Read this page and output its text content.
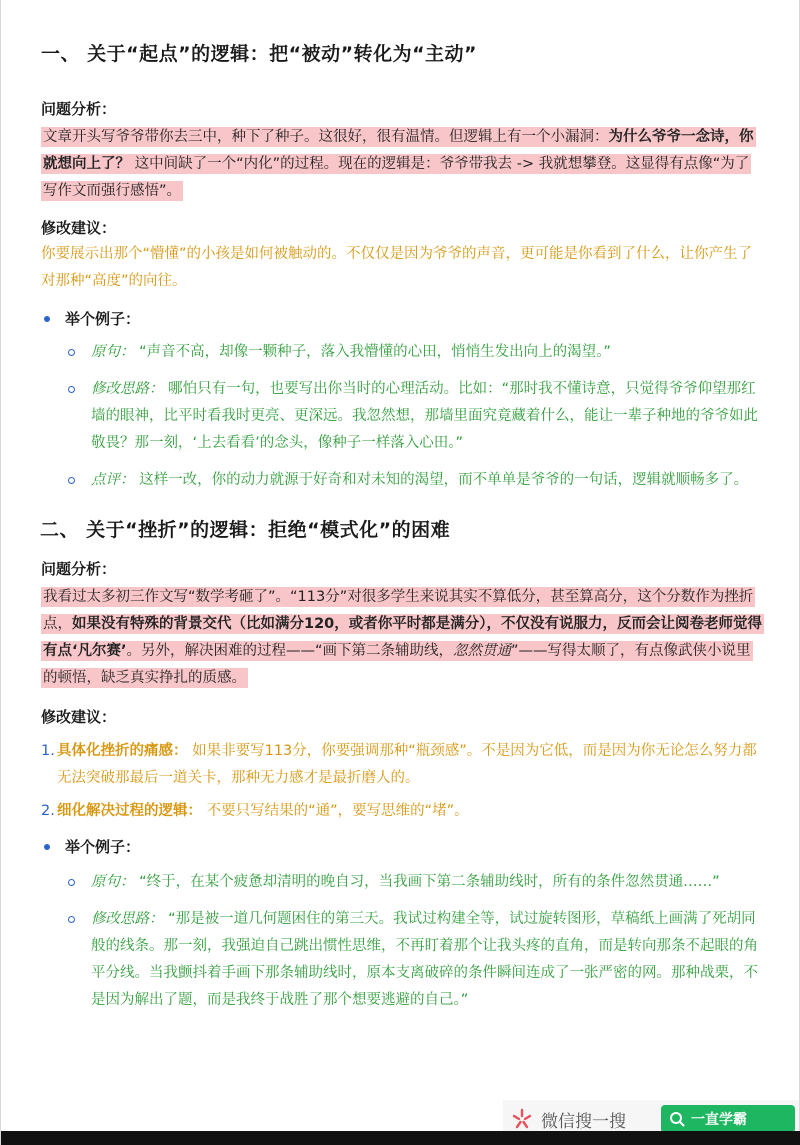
一、 关于“起点”的逻辑：把“被动”转化为“主动”
问题分析：
文章开头写爷爷带你去三中，种下了种子。这很好，很有温情。但逻辑上有一个小漏洞：为什么爷爷一念诗，你就想向上了？ 这中间缺了一个“内化”的过程。现在的逻辑是：爷爷带我去 -> 我就想攀登。这显得有点像“为了写作文而强行感悟”。
修改建议：
你要展示出那个“懵懂”的小孩是如何被触动的。不仅仅是因为爷爷的声音，更可能是你看到了什么，让你产生了对那种“高度”的向往。
举个例子：
原句： “声音不高，却像一颗种子，落入我懵懂的心田，悄悄生发出向上的渴望。”
修改思路： 哪怕只有一句，也要写出你当时的心理活动。比如：“那时我不懂诗意，只觉得爷爷仰望那红墙的眼神，比平时看我时更亮、更深远。我忽然想，那墙里面究竟藏着什么，能让一辈子种地的爷爷如此敬畏？那一刻，‘上去看看’的念头，像种子一样落入心田。”
点评： 这样一改，你的动力就源于好奇和对未知的渴望，而不单单是爷爷的一句话，逻辑就顺畅多了。
二、 关于“挫折”的逻辑：拒绝“模式化”的困难
问题分析：
我看过太多初三作文写“数学考砸了”。“113分”对很多学生来说其实不算低分，甚至算高分，这个分数作为挫折点，如果没有特殊的背景交代（比如满分120，或者你平时都是满分），不仅没有说服力，反而会让阅卷老师觉得有点‘凡尔赛’。另外，解决困难的过程——“画下第二条辅助线，忽然贯通”——写得太顺了，有点像武侠小说里的顿悟，缺乏真实挣扎的质感。
修改建议：
1. 具体化挫折的痛感： 如果非要写113分，你要强调那种“瓶颈感”。不是因为它低，而是因为你无论怎么努力都无法突破那最后一道关卡，那种无力感才是最折磨人的。
2. 细化解决过程的逻辑： 不要只写结果的“通”，要写思维的“堵”。
举个例子：
原句： “终于，在某个疲惫却清明的晚自习，当我画下第二条辅助线时，所有的条件忽然贯通……”
修改思路： “那是被一道几何题困住的第三天。我试过构建全等，试过旋转图形，草稿纸上画满了死胡同般的线条。那一刻，我强迫自己跳出惯性思维，不再盯着那个让我头疼的直角，而是转向那条不起眼的角平分线。当我颤抖着手画下那条辅助线时，原本支离破碎的条件瞬间连成了一张严密的网。那种战栗，不是因为解出了题，而是我终于战胜了那个想要逃避的自己。”
微信搜一搜	一直学霸
